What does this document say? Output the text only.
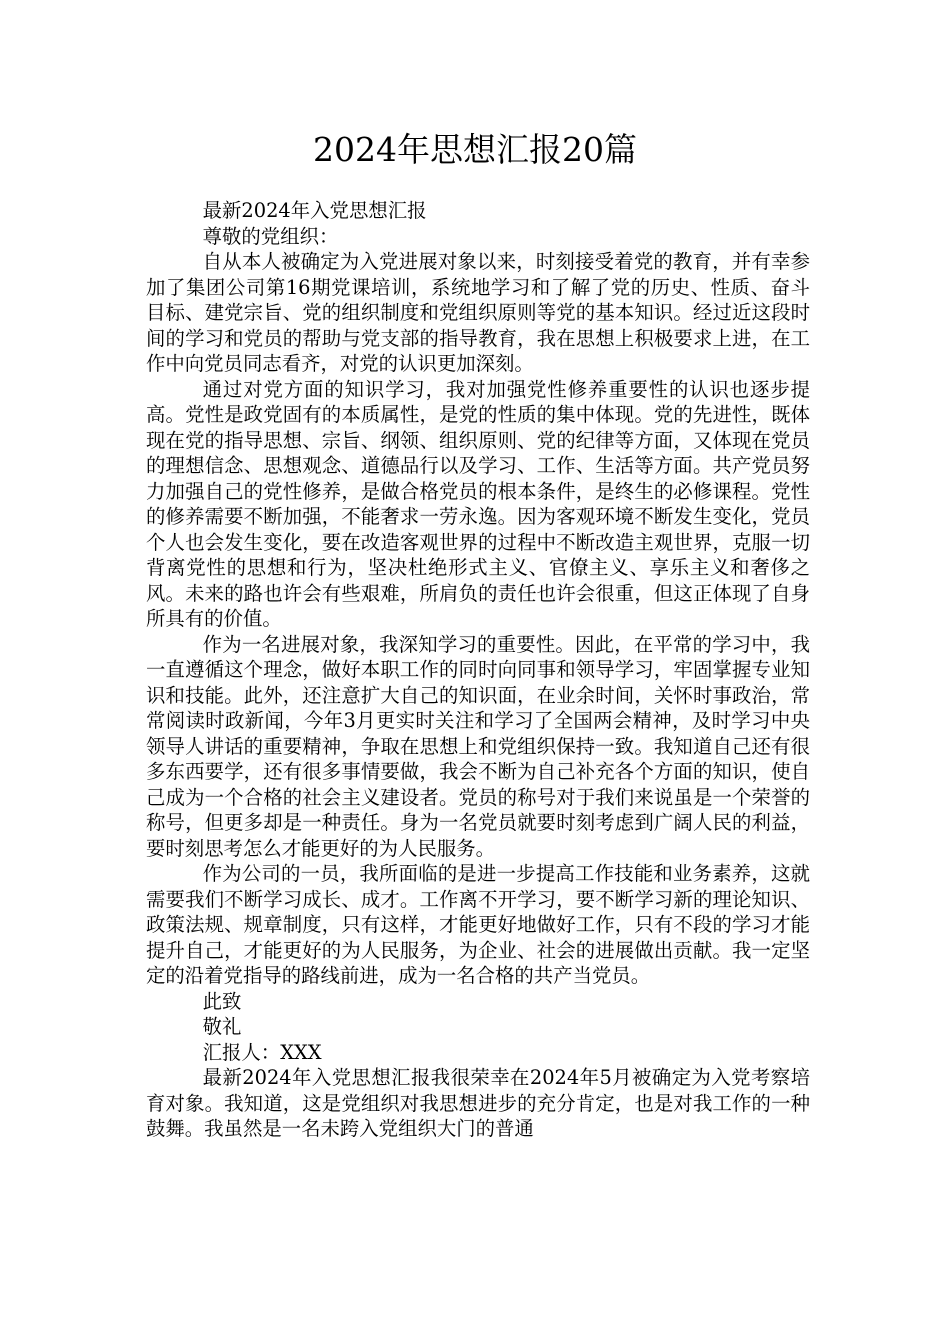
2024年思想汇报20篇

最新2024年入党思想汇报

尊敬的党组织：

自从本人被确定为入党进展对象以来，时刻接受着党的教育，并有幸参加了集团公司第16期党课培训，系统地学习和了解了党的历史、性质、奋斗目标、建党宗旨、党的组织制度和党组织原则等党的基本知识。经过近这段时间的学习和党员的帮助与党支部的指导教育，我在思想上积极要求上进，在工作中向党员同志看齐，对党的认识更加深刻。

通过对党方面的知识学习，我对加强党性修养重要性的认识也逐步提高。党性是政党固有的本质属性，是党的性质的集中体现。党的先进性，既体现在党的指导思想、宗旨、纲领、组织原则、党的纪律等方面，又体现在党员的理想信念、思想观念、道德品行以及学习、工作、生活等方面。共产党员努力加强自己的党性修养，是做合格党员的根本条件，是终生的必修课程。党性的修养需要不断加强，不能奢求一劳永逸。因为客观环境不断发生变化，党员个人也会发生变化，要在改造客观世界的过程中不断改造主观世界，克服一切背离党性的思想和行为，坚决杜绝形式主义、官僚主义、享乐主义和奢侈之风。未来的路也许会有些艰难，所肩负的责任也许会很重，但这正体现了自身所具有的价值。

作为一名进展对象，我深知学习的重要性。因此，在平常的学习中，我一直遵循这个理念，做好本职工作的同时向同事和领导学习，牢固掌握专业知识和技能。此外，还注意扩大自己的知识面，在业余时间，关怀时事政治，常常阅读时政新闻，今年3月更实时关注和学习了全国两会精神，及时学习中央领导人讲话的重要精神，争取在思想上和党组织保持一致。我知道自己还有很多东西要学，还有很多事情要做，我会不断为自己补充各个方面的知识，使自己成为一个合格的社会主义建设者。党员的称号对于我们来说虽是一个荣誉的称号，但更多却是一种责任。身为一名党员就要时刻考虑到广阔人民的利益，要时刻思考怎么才能更好的为人民服务。

作为公司的一员，我所面临的是进一步提高工作技能和业务素养，这就需要我们不断学习成长、成才。工作离不开学习，要不断学习新的理论知识、政策法规、规章制度，只有这样，才能更好地做好工作，只有不段的学习才能提升自己，才能更好的为人民服务，为企业、社会的进展做出贡献。我一定坚定的沿着党指导的路线前进，成为一名合格的共产当党员。

此致

敬礼

汇报人：XXX

最新2024年入党思想汇报我很荣幸在2024年5月被确定为入党考察培育对象。我知道，这是党组织对我思想进步的充分肯定，也是对我工作的一种鼓舞。我虽然是一名未跨入党组织大门的普通
